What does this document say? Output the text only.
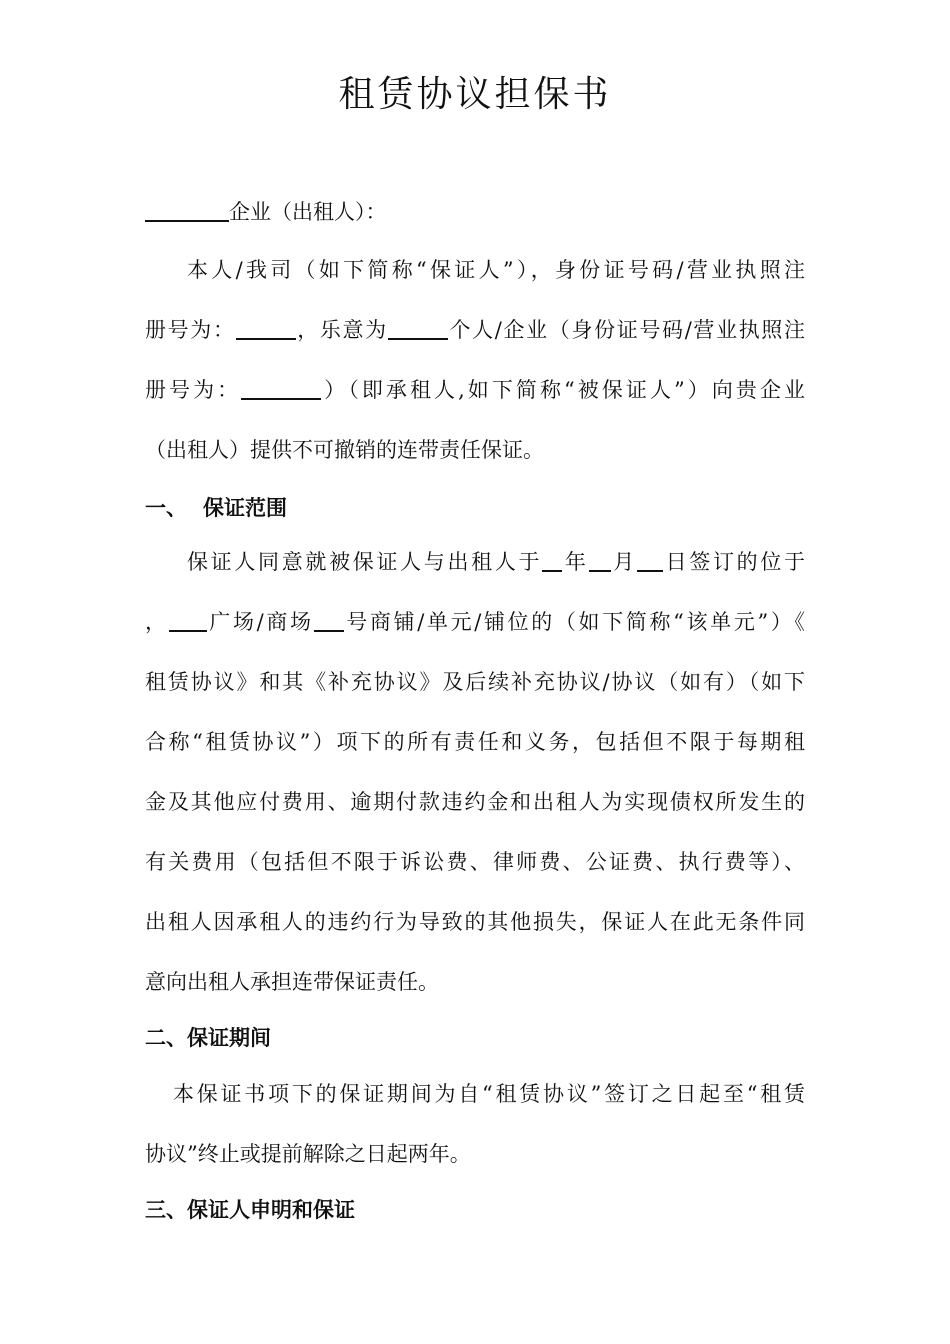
租赁协议担保书
企业（出租人）：
本人/我司（如下简称“保证人”），身份证号码/营业执照注
册号为：	，乐意为	个人/企业（身份证号码/营业执照注
册号为：	）（即承租人,如下简称“被保证人”）向贵企业
（出租人）提供不可撤销的连带责任保证。
一、 保证范围
保证人同意就被保证人与出租人于 年 月 日签订的位于
， 广场/商场 号商铺/单元/铺位的（如下简称“该单元”）《
租赁协议》和其《补充协议》及后续补充协议/协议（如有）（如下
合称“租赁协议”）项下的所有责任和义务，包括但不限于每期租
金及其他应付费用、逾期付款违约金和出租人为实现债权所发生的
有关费用（包括但不限于诉讼费、律师费、公证费、执行费等）、
出租人因承租人的违约行为导致的其他损失，保证人在此无条件同
意向出租人承担连带保证责任。
二、保证期间
本保证书项下的保证期间为自“租赁协议”签订之日起至“租赁
协议”终止或提前解除之日起两年。
三、保证人申明和保证
